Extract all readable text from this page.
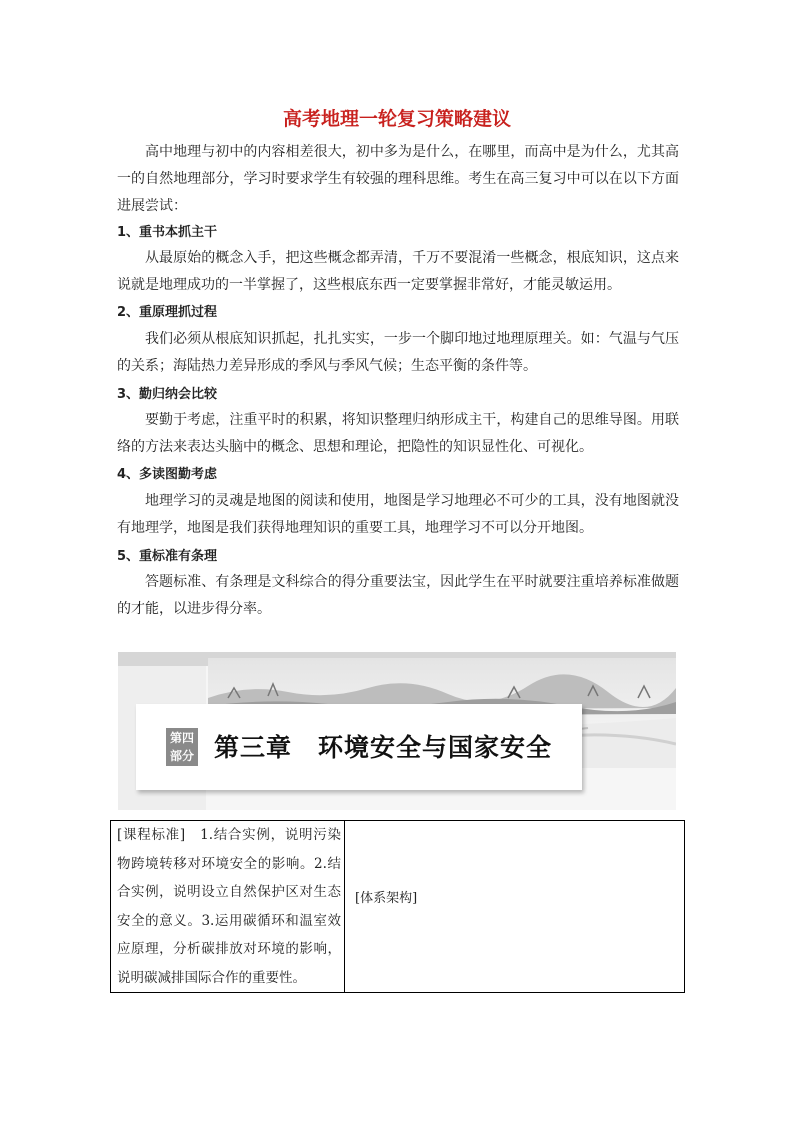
高考地理一轮复习策略建议

高中地理与初中的内容相差很大，初中多为是什么，在哪里，而高中是为什么，尤其高一的自然地理部分，学习时要求学生有较强的理科思维。考生在高三复习中可以在以下方面进展尝试：

1、重书本抓主干

从最原始的概念入手，把这些概念都弄清，千万不要混淆一些概念，根底知识，这点来说就是地理成功的一半掌握了，这些根底东西一定要掌握非常好，才能灵敏运用。

2、重原理抓过程

我们必须从根底知识抓起，扎扎实实，一步一个脚印地过地理原理关。如：气温与气压的关系；海陆热力差异形成的季风与季风气候；生态平衡的条件等。

3、勤归纳会比较

要勤于考虑，注重平时的积累，将知识整理归纳形成主干，构建自己的思维导图。用联络的方法来表达头脑中的概念、思想和理论，把隐性的知识显性化、可视化。

4、多读图勤考虑

地理学习的灵魂是地图的阅读和使用，地图是学习地理必不可少的工具，没有地图就没有地理学，地图是我们获得地理知识的重要工具，地理学习不可以分开地图。

5、重标准有条理

答题标准、有条理是文科综合的得分重要法宝，因此学生在平时就要注重培养标准做题的才能，以进步得分率。

第四
部分 第三章　环境安全与国家安全
[课程标准]　1.结合实例，说明污染物跨境转移对环境安全的影响。2.结合实例，说明设立自然保护区对生态安全的意义。3.运用碳循环和温室效应原理，分析碳排放对环境的影响，说明碳减排国际合作的重要性。

[体系架构]
